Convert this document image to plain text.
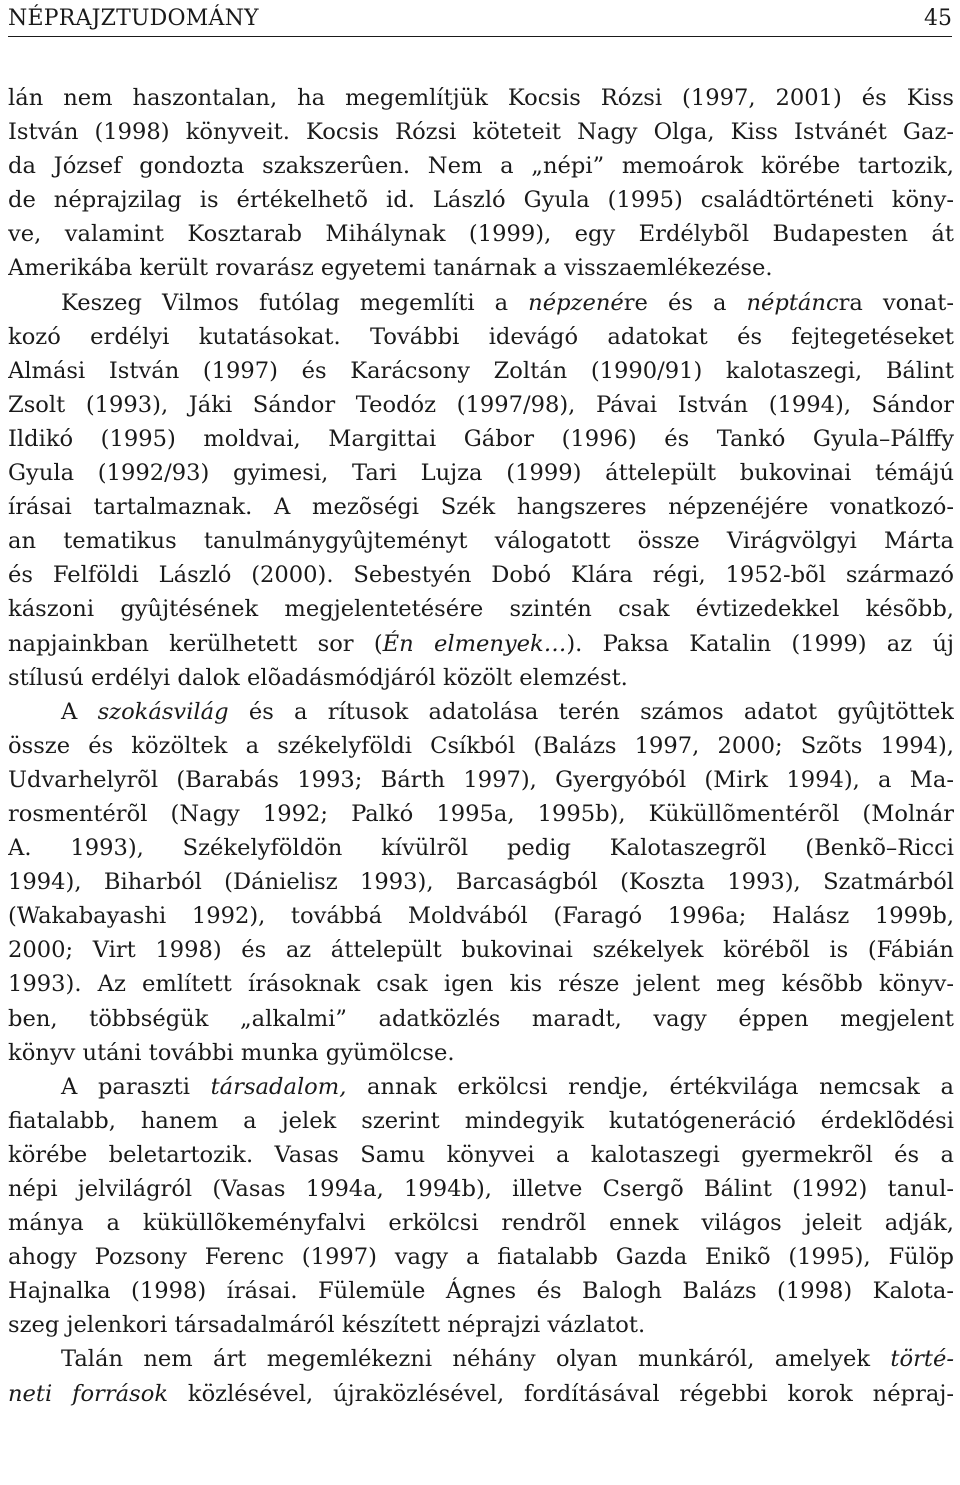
NÉPRAJZTUDOMÁNY	45
lán nem haszontalan, ha megemlítjük Kocsis Rózsi (1997, 2001) és Kiss
István (1998) könyveit. Kocsis Rózsi köteteit Nagy Olga, Kiss Istvánét Gaz-
da József gondozta szakszerûen. Nem a „népi” memoárok körébe tartozik,
de néprajzilag is értékelhetõ id. László Gyula (1995) családtörténeti köny-
ve, valamint Kosztarab Mihálynak (1999), egy Erdélybõl Budapesten át
Amerikába került rovarász egyetemi tanárnak a visszaemlékezése.
Keszeg Vilmos futólag megemlíti a népzenére és a néptáncra vonat-
kozó erdélyi kutatásokat. További idevágó adatokat és fejtegetéseket
Almási István (1997) és Karácsony Zoltán (1990/91) kalotaszegi, Bálint
Zsolt (1993), Jáki Sándor Teodóz (1997/98), Pávai István (1994), Sándor
Ildikó (1995) moldvai, Margittai Gábor (1996) és Tankó Gyula–Pálffy
Gyula (1992/93) gyimesi, Tari Lujza (1999) áttelepült bukovinai témájú
írásai tartalmaznak. A mezõségi Szék hangszeres népzenéjére vonatkozó-
an tematikus tanulmánygyûjteményt válogatott össze Virágvölgyi Márta
és Felföldi László (2000). Sebestyén Dobó Klára régi, 1952-bõl származó
kászoni gyûjtésének megjelentetésére szintén csak évtizedekkel késõbb,
napjainkban kerülhetett sor (Én elmenyek…). Paksa Katalin (1999) az új
stílusú erdélyi dalok elõadásmódjáról közölt elemzést.
A szokásvilág és a rítusok adatolása terén számos adatot gyûjtöttek
össze és közöltek a székelyföldi Csíkból (Balázs 1997, 2000; Szõts 1994),
Udvarhelyrõl (Barabás 1993; Bárth 1997), Gyergyóból (Mirk 1994), a Ma-
rosmentérõl (Nagy 1992; Palkó 1995a, 1995b), Küküllõmentérõl (Molnár
A. 1993), Székelyföldön kívülrõl pedig Kalotaszegrõl (Benkõ–Ricci
1994), Biharból (Dánielisz 1993), Barcaságból (Koszta 1993), Szatmárból
(Wakabayashi 1992), továbbá Moldvából (Faragó 1996a; Halász 1999b,
2000; Virt 1998) és az áttelepült bukovinai székelyek körébõl is (Fábián
1993). Az említett írásoknak csak igen kis része jelent meg késõbb könyv-
ben, többségük „alkalmi” adatközlés maradt, vagy éppen megjelent
könyv utáni további munka gyümölcse.
A paraszti társadalom, annak erkölcsi rendje, értékvilága nemcsak a
fiatalabb, hanem a jelek szerint mindegyik kutatógeneráció érdeklõdési
körébe beletartozik. Vasas Samu könyvei a kalotaszegi gyermekrõl és a
népi jelvilágról (Vasas 1994a, 1994b), illetve Csergõ Bálint (1992) tanul-
mánya a küküllõkeményfalvi erkölcsi rendrõl ennek világos jeleit adják,
ahogy Pozsony Ferenc (1997) vagy a fiatalabb Gazda Enikõ (1995), Fülöp
Hajnalka (1998) írásai. Fülemüle Ágnes és Balogh Balázs (1998) Kalota-
szeg jelenkori társadalmáról készített néprajzi vázlatot.
Talán nem árt megemlékezni néhány olyan munkáról, amelyek törté-
neti források közlésével, újraközlésével, fordításával régebbi korok népraj-
